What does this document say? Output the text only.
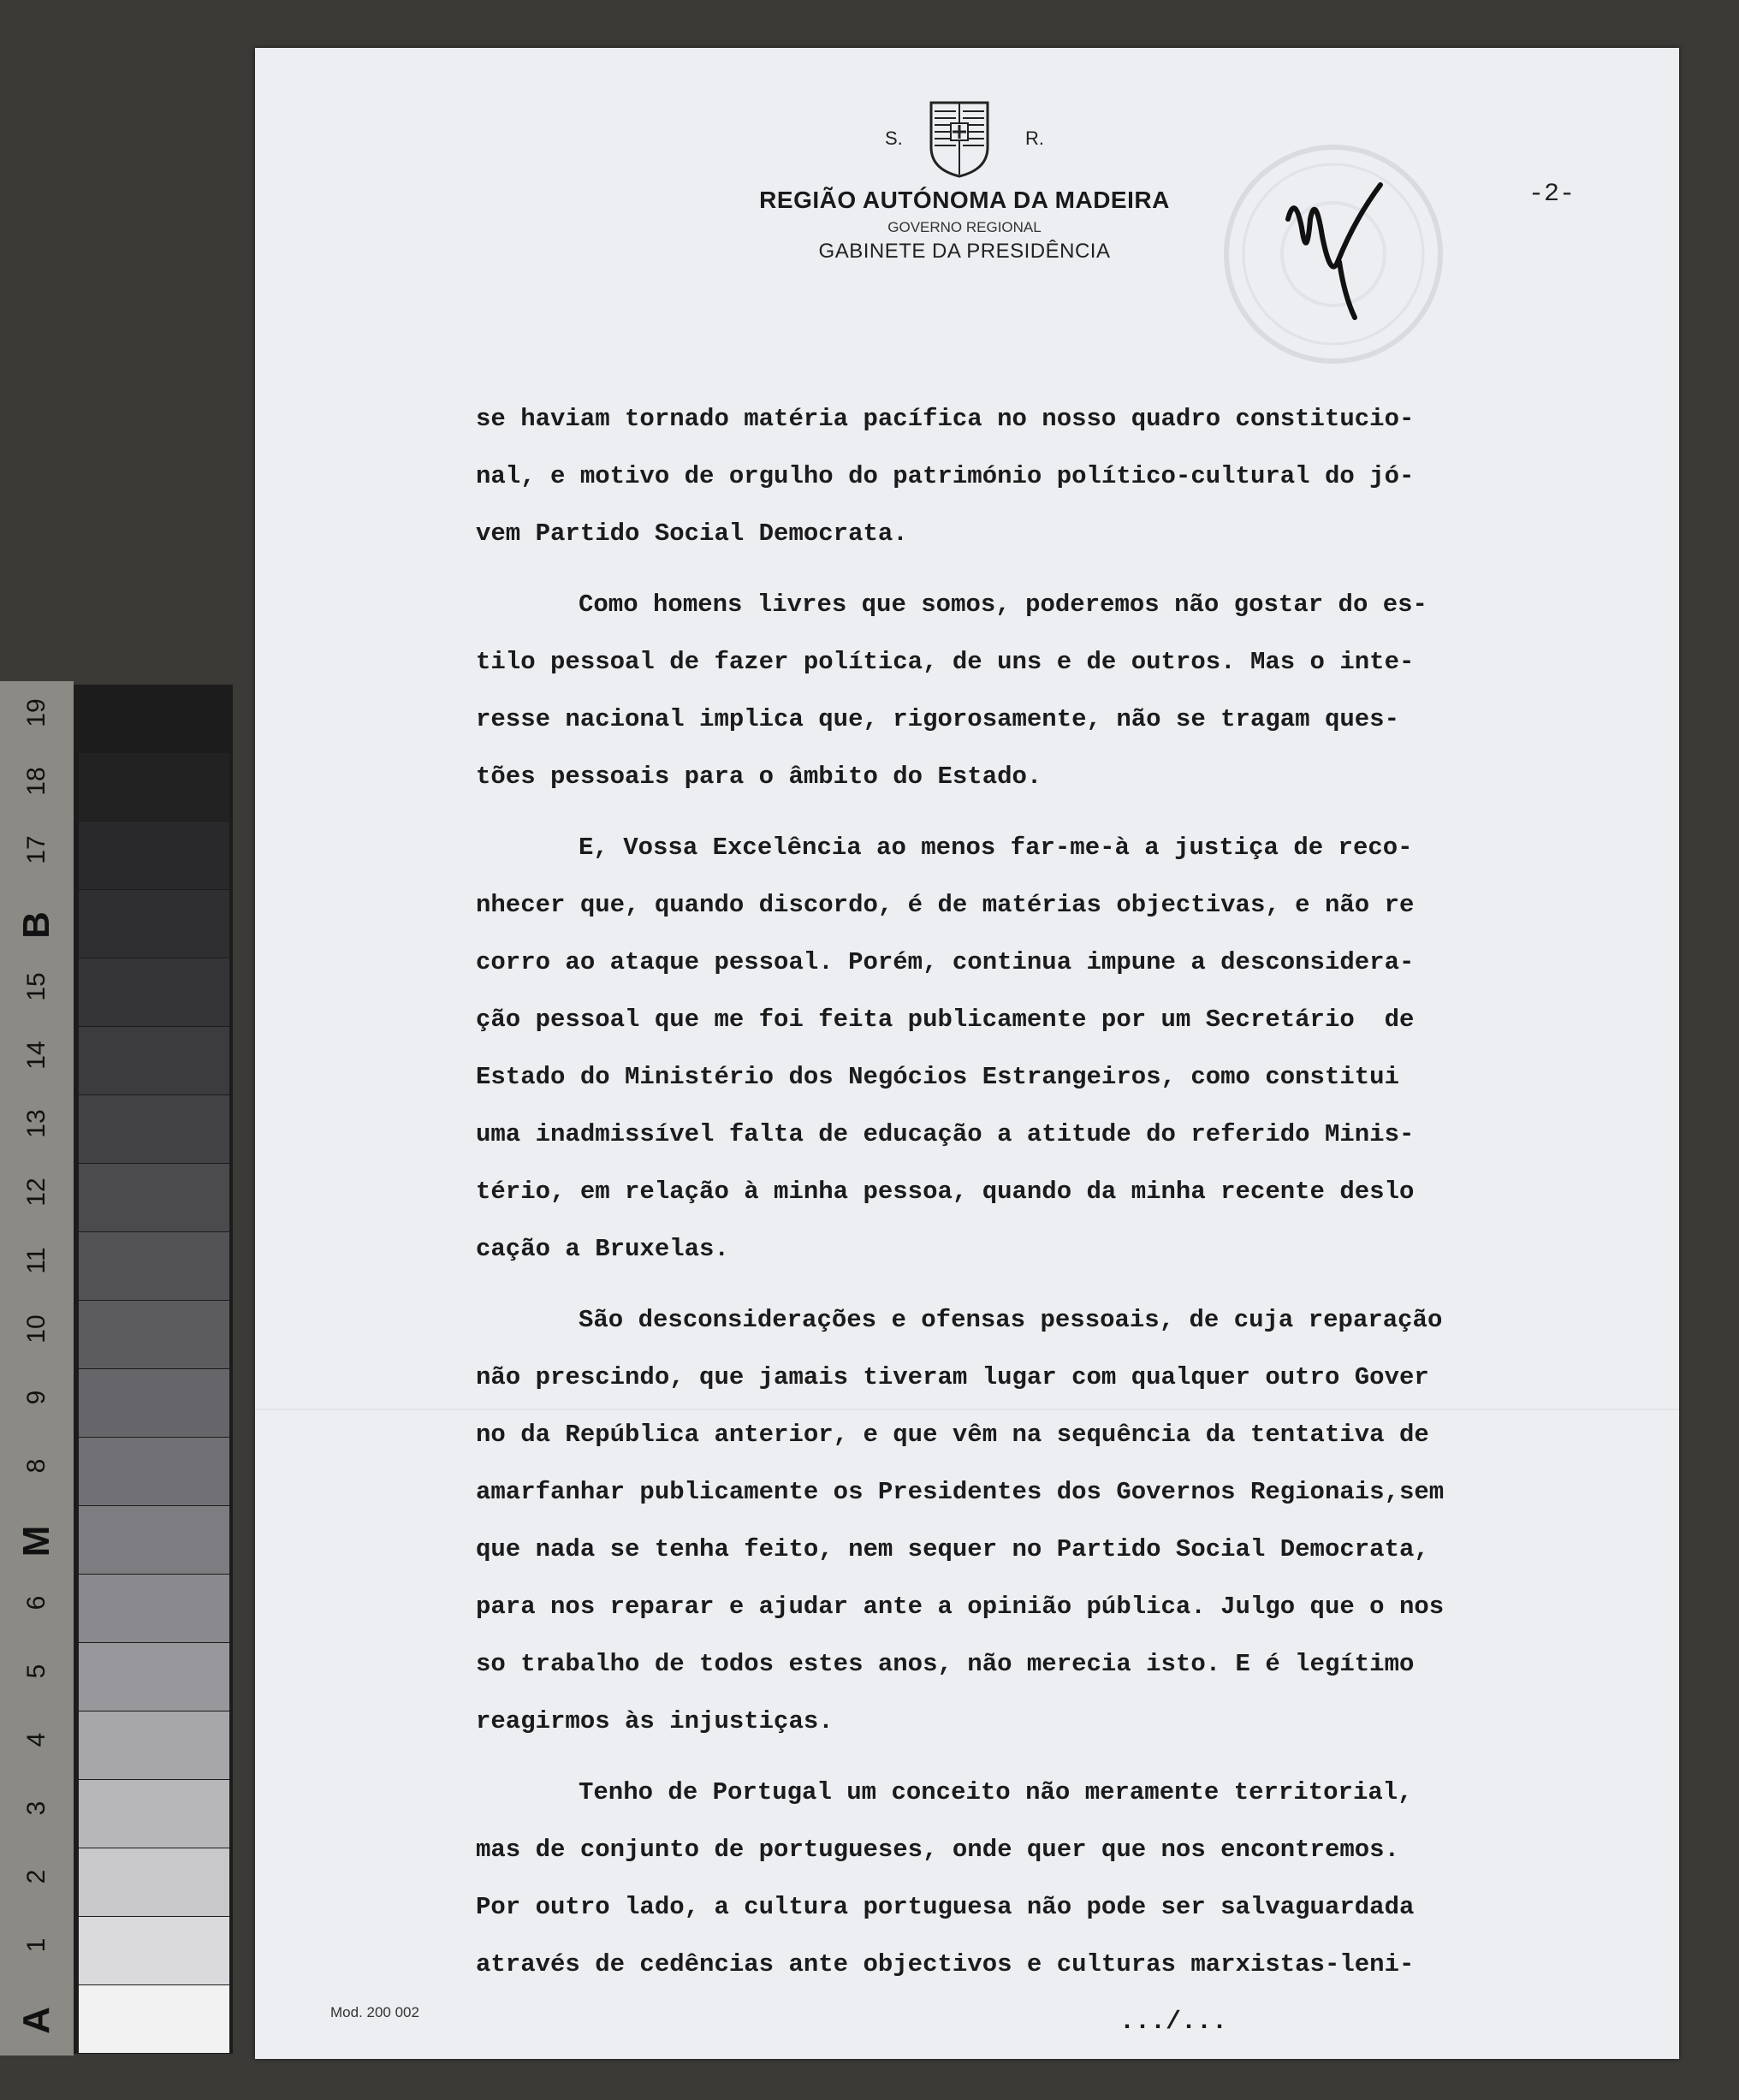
19
18
17
B
15
14
13
12
11
10
9
8
M
6
5
4
3
2
1
A
S.	R.
REGIÃO AUTÓNOMA DA MADEIRA
GOVERNO REGIONAL
GABINETE DA PRESIDÊNCIA
-2-
se haviam tornado matéria pacífica no nosso quadro constitucio-
nal, e motivo de orgulho do património político-cultural do jó-
vem Partido Social Democrata.
Como homens livres que somos, poderemos não gostar do es-
tilo pessoal de fazer política, de uns e de outros. Mas o inte-
resse nacional implica que, rigorosamente, não se tragam ques-
tões pessoais para o âmbito do Estado.
E, Vossa Excelência ao menos far-me-à a justiça de reco-
nhecer que, quando discordo, é de matérias objectivas, e não re
corro ao ataque pessoal. Porém, continua impune a desconsidera-
ção pessoal que me foi feita publicamente por um Secretário  de
Estado do Ministério dos Negócios Estrangeiros, como constitui
uma inadmissível falta de educação a atitude do referido Minis-
tério, em relação à minha pessoa, quando da minha recente deslo
cação a Bruxelas.
São desconsiderações e ofensas pessoais, de cuja reparação
não prescindo, que jamais tiveram lugar com qualquer outro Gover
no da República anterior, e que vêm na sequência da tentativa de
amarfanhar publicamente os Presidentes dos Governos Regionais,sem
que nada se tenha feito, nem sequer no Partido Social Democrata,
para nos reparar e ajudar ante a opinião pública. Julgo que o nos
so trabalho de todos estes anos, não merecia isto. E é legítimo
reagirmos às injustiças.
Tenho de Portugal um conceito não meramente territorial,
mas de conjunto de portugueses, onde quer que nos encontremos.
Por outro lado, a cultura portuguesa não pode ser salvaguardada
através de cedências ante objectivos e culturas marxistas-leni-
Mod. 200 002	.../...
